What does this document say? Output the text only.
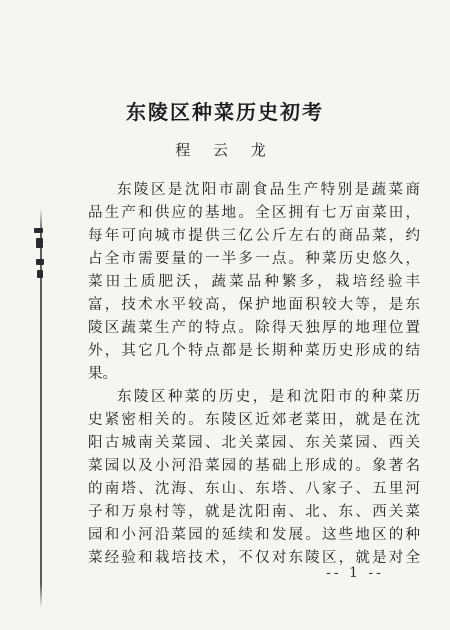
东陵区种菜历史初考
程 云 龙
东陵区是沈阳市副食品生产特别是蔬菜商
品生产和供应的基地。全区拥有七万亩菜田，
每年可向城市提供三亿公斤左右的商品菜，约
占全市需要量的一半多一点。种菜历史悠久，
菜田土质肥沃，蔬菜品种繁多，栽培经验丰
富，技术水平较高，保护地面积较大等，是东
陵区蔬菜生产的特点。除得天独厚的地理位置
外，其它几个特点都是长期种菜历史形成的结
果。
东陵区种菜的历史，是和沈阳市的种菜历
史紧密相关的。东陵区近郊老菜田，就是在沈
阳古城南关菜园、北关菜园、东关菜园、西关
菜园以及小河沿菜园的基础上形成的。象著名
的南塔、沈海、东山、东塔、八家子、五里河
子和万泉村等，就是沈阳南、北、东、西关菜
园和小河沿菜园的延续和发展。这些地区的种
菜经验和栽培技术，不仅对东陵区，就是对全
-- 1 --
